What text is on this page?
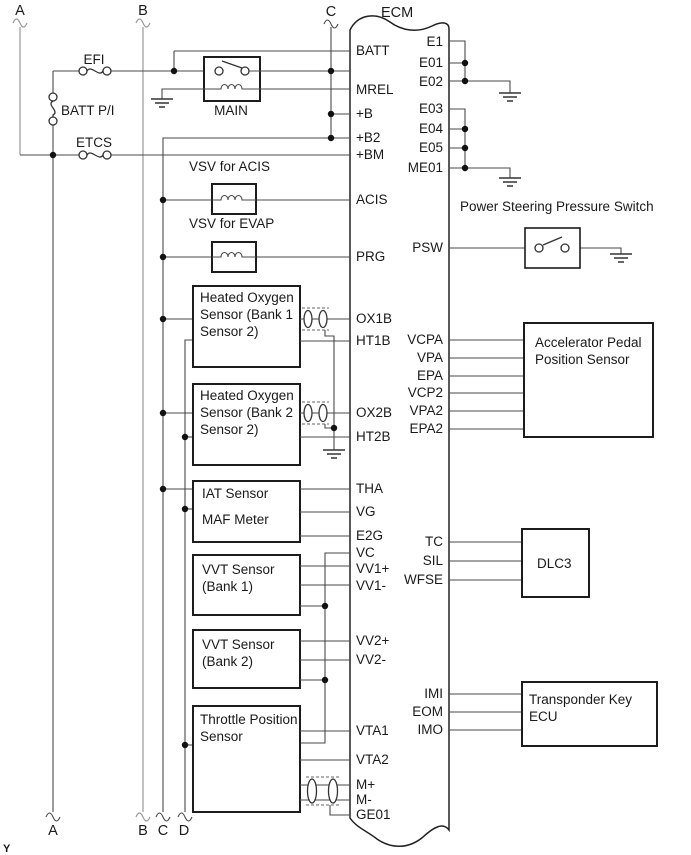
ECM
A	B	C
A	B C D
Y
EFI
BATT P/I
ETCS
MAIN
VSV for ACIS
VSV for EVAP
Heated Oxygen
Sensor (Bank 1
Sensor 2)
Heated Oxygen
Sensor (Bank 2
Sensor 2)
IAT Sensor
MAF Meter
VVT Sensor
(Bank 1)
VVT Sensor
(Bank 2)
Throttle Position
Sensor
Power Steering Pressure Switch
Accelerator Pedal
Position Sensor
DLC3
Transponder Key
ECU
BATT
MREL
+B
+B2
+BM
ACIS
PRG
OX1B
HT1B
OX2B
HT2B
THA
VG
E2G
VC
VV1+
VV1-
VV2+
VV2-
VTA1
VTA2
M+
M-
GE01
E1
E01
E02
E03
E04
E05
ME01
PSW
VCPA
VPA
EPA
VCP2
VPA2
EPA2
TC
SIL
WFSE
IMI
EOM
IMO
